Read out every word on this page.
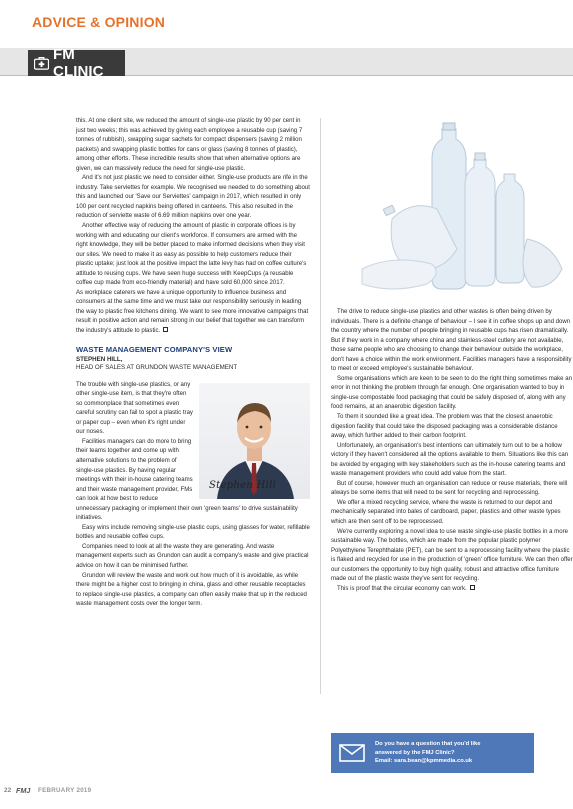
ADVICE & OPINION
FM CLINIC

this. At one client site, we reduced the amount of single-use plastic by 90 per cent in just two weeks; this was achieved by giving each employee a reusable cup (saving 7 tonnes of rubbish), swapping sugar sachets for compact dispensers (saving 2 million packets) and swapping plastic bottles for cans or glass (saving 8 tonnes of plastic), among other efforts. These incredible results show that when alternative options are given, we can massively reduce the need for single-use plastic.

And it's not just plastic we need to consider either. Single-use products are rife in the industry. Take serviettes for example. We recognised we needed to do something about this and launched our 'Save our Serviettes' campaign in 2017, which resulted in only 100 per cent recycled napkins being offered in canteens. This also resulted in the reduction of serviette waste of 6.69 million napkins over one year.

Another effective way of reducing the amount of plastic in corporate offices is by working with and educating our client's workforce. If consumers are armed with the right knowledge, they will be better placed to make informed decisions when they visit our sites. We need to make it as easy as possible to help customers reduce their plastic uptake; just look at the positive impact the latte levy has had on coffee culture's attitude to reusing cups. We have seen huge success with KeepCups (a reusable coffee cup made from eco-friendly material) and have sold 60,000 since 2017.

As workplace caterers we have a unique opportunity to influence business and consumers at the same time and we must take our responsibility seriously in leading the way to plastic free kitchens dining. We want to see more innovative campaigns that result in positive action and remain strong in our belief that together we can transform the industry's attitude to plastic.

WASTE MANAGEMENT COMPANY'S VIEW
STEPHEN HILL,
HEAD OF SALES AT GRUNDON WASTE MANAGEMENT
Stephen Hill

The trouble with single-use plastics, or any other single-use item, is that they're often so commonplace that sometimes even careful scrutiny can fail to spot a plastic tray or paper cup – even when it's right under our noses.

Facilities managers can do more to bring their teams together and come up with alternative solutions to the problem of single-use plastics. By having regular meetings with their in-house catering teams and their waste management provider, FMs can look at how best to reduce unnecessary packaging or implement their own 'green teams' to drive sustainability initiatives.

Easy wins include removing single-use plastic cups, using glasses for water, refillable bottles and reusable coffee cups.

Companies need to look at all the waste they are generating. And waste management experts such as Grundon can audit a company's waste and give practical advice on how it can be minimised further.

Grundon will review the waste and work out how much of it is avoidable, as while there might be a higher cost to bringing in china, glass and other reusable receptacles to replace single-use plastics, a company can often easily make that up in the reduced waste management costs over the longer term.

The drive to reduce single-use plastics and other wastes is often being driven by individuals. There is a definite change of behaviour – I see it in coffee shops up and down the country where the number of people bringing in reusable cups has risen dramatically. But if they work in a company where china and stainless-steel cutlery are not available, those same people who are choosing to change their behaviour outside the workplace, don't have a choice within the work environment. Facilities managers have a responsibility to meet or exceed employee's sustainable behaviour.

Some organisations which are keen to be seen to do the right thing sometimes make an error in not thinking the problem through far enough. One organisation wanted to buy in single-use compostable food packaging that could be safely disposed of, along with any food remains, at an anaerobic digestion facility.

To them it sounded like a great idea. The problem was that the closest anaerobic digestion facility that could take the disposed packaging was a considerable distance away, which further added to their carbon footprint.

Unfortunately, an organisation's best intentions can ultimately turn out to be a hollow victory if they haven't considered all the options available to them. Situations like this can be avoided by engaging with key stakeholders such as the in-house catering teams and waste management providers who could add value from the start.

But of course, however much an organisation can reduce or reuse materials, there will always be some items that will need to be sent for recycling and reprocessing.

We offer a mixed recycling service, where the waste is returned to our depot and mechanically separated into bales of cardboard, paper, plastics and other waste types which are then sent off to be reprocessed.

We're currently exploring a novel idea to use waste single-use plastic bottles in a more sustainable way. The bottles, which are made from the popular plastic polymer Polyethylene Terephthalate (PET), can be sent to a reprocessing facility where the plastic is flaked and recycled for use in the production of 'green' office furniture. We can then offer our customers the opportunity to buy high quality, robust and attractive office furniture made out of the plastic waste they've sent for recycling.

This is proof that the circular economy can work.

Do you have a question that you'd like
answered by the FMJ Clinic?
Email: sara.bean@kpmmedia.co.uk
22 FMJ FEBRUARY 2019
